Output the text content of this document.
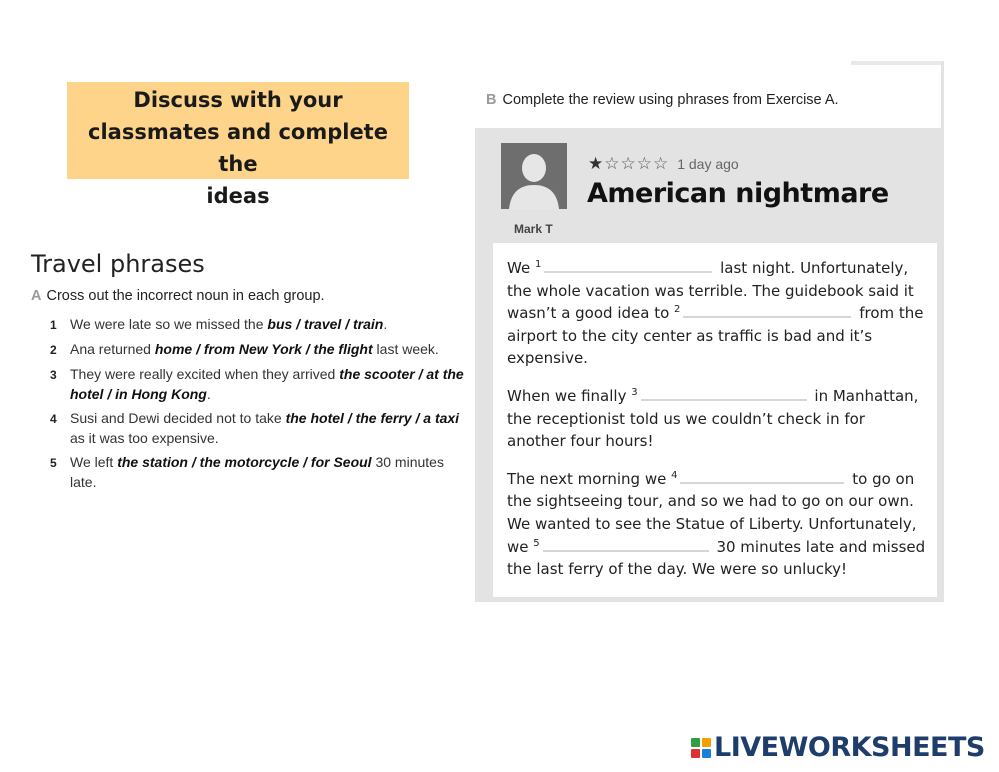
Discuss with your
classmates and complete the
ideas
Travel phrases
A Cross out the incorrect noun in each group.
1 We were late so we missed the bus / travel / train.
2 Ana returned home / from New York / the flight last week.
3 They were really excited when they arrived the scooter / at the hotel / in Hong Kong.
4 Susi and Dewi decided not to take the hotel / the ferry / a taxi as it was too expensive.
5 We left the station / the motorcycle / for Seoul 30 minutes late.
B Complete the review using phrases from Exercise A.
Mark T
★☆☆☆☆ 1 day ago
American nightmare

We $^1$	last night. Unfortunately, the whole vacation was terrible. The guidebook said it wasn’t a good idea to $^2$	from the airport to the city center as traffic is bad and it’s expensive.

When we finally $^3$	in Manhattan, the receptionist told us we couldn’t check in for another four hours!

The next morning we $^4$	to go on the sightseeing tour, and so we had to go on our own. We wanted to see the Statue of Liberty. Unfortunately, we $^5$	30 minutes late and missed the last ferry of the day. We were so unlucky!

LIVEWORKSHEETS
